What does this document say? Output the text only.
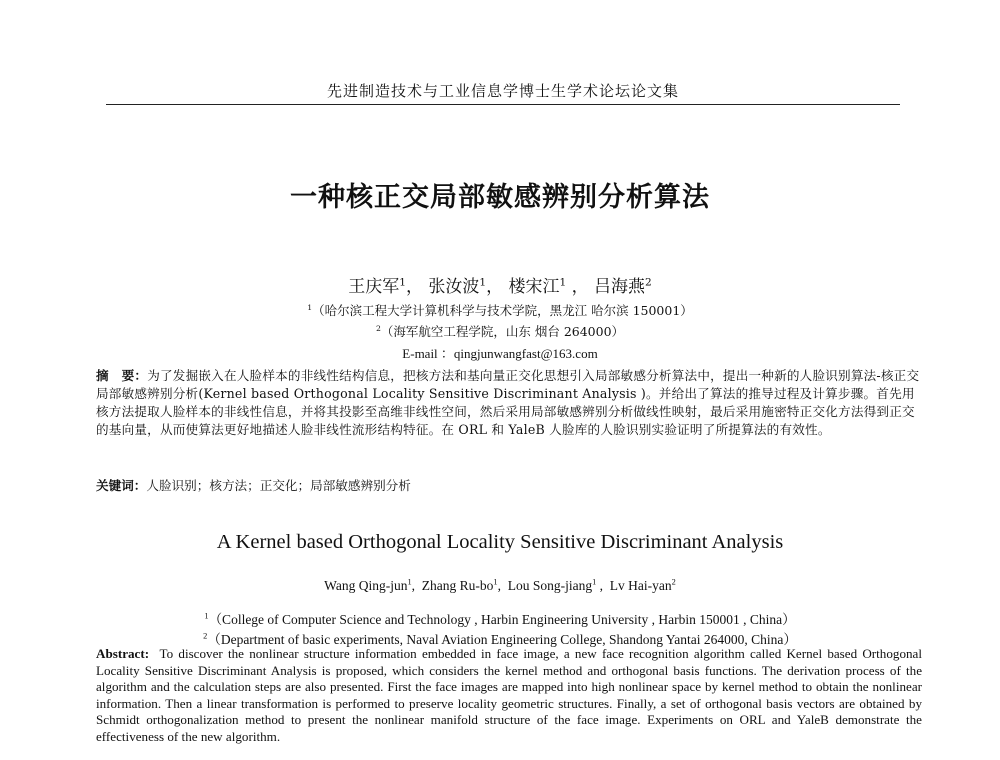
先进制造技术与工业信息学博士生学术论坛论文集
一种核正交局部敏感辨别分析算法
王庆军$^1$， 张汝波$^1$， 楼宋江$^1$ ， 吕海燕$^2$
$^1$（哈尔滨工程大学计算机科学与技术学院，黑龙江 哈尔滨 150001）
$^2$（海军航空工程学院，山东 烟台 264000）
E-mail ：qingjunwangfast@163.com
摘　要：为了发掘嵌入在人脸样本的非线性结构信息，把核方法和基向量正交化思想引入局部敏感分析算法中，提出一种新的人脸识别算法-核正交局部敏感辨别分析(Kernel based Orthogonal Locality Sensitive Discriminant Analysis )。并给出了算法的推导过程及计算步骤。首先用核方法提取人脸样本的非线性信息，并将其投影至高维非线性空间，然后采用局部敏感辨别分析做线性映射，最后采用施密特正交化方法得到正交的基向量，从而使算法更好地描述人脸非线性流形结构特征。在 ORL 和 YaleB 人脸库的人脸识别实验证明了所提算法的有效性。
关键词：人脸识别；核方法；正交化；局部敏感辨别分析
A Kernel based Orthogonal Locality Sensitive Discriminant Analysis
Wang Qing-jun$^1$,  Zhang $Ru-bo^1$,  Lou Song-jiang$^1$ ,  Lv Hai-yan$^2$
$^1$（College of Computer Science and Technology , Harbin Engineering University , Harbin 150001 , China）
$^2$（Department of basic experiments, Naval Aviation Engineering College, Shandong Yantai 264000, China）
Abstract: To discover the nonlinear structure information embedded in face image, a new face recognition algorithm called Kernel based Orthogonal Locality Sensitive Discriminant Analysis is proposed, which considers the kernel method and orthogonal basis functions. The derivation process of the algorithm and the calculation steps are also presented. First the face images are mapped into high nonlinear space by kernel method to obtain the nonlinear information. Then a linear transformation is performed to preserve locality geometric structures. Finally, a set of orthogonal basis vectors are obtained by Schmidt orthogonalization method to present the nonlinear manifold structure of the face image. Experiments on ORL and YaleB demonstrate the effectiveness of the new algorithm.
